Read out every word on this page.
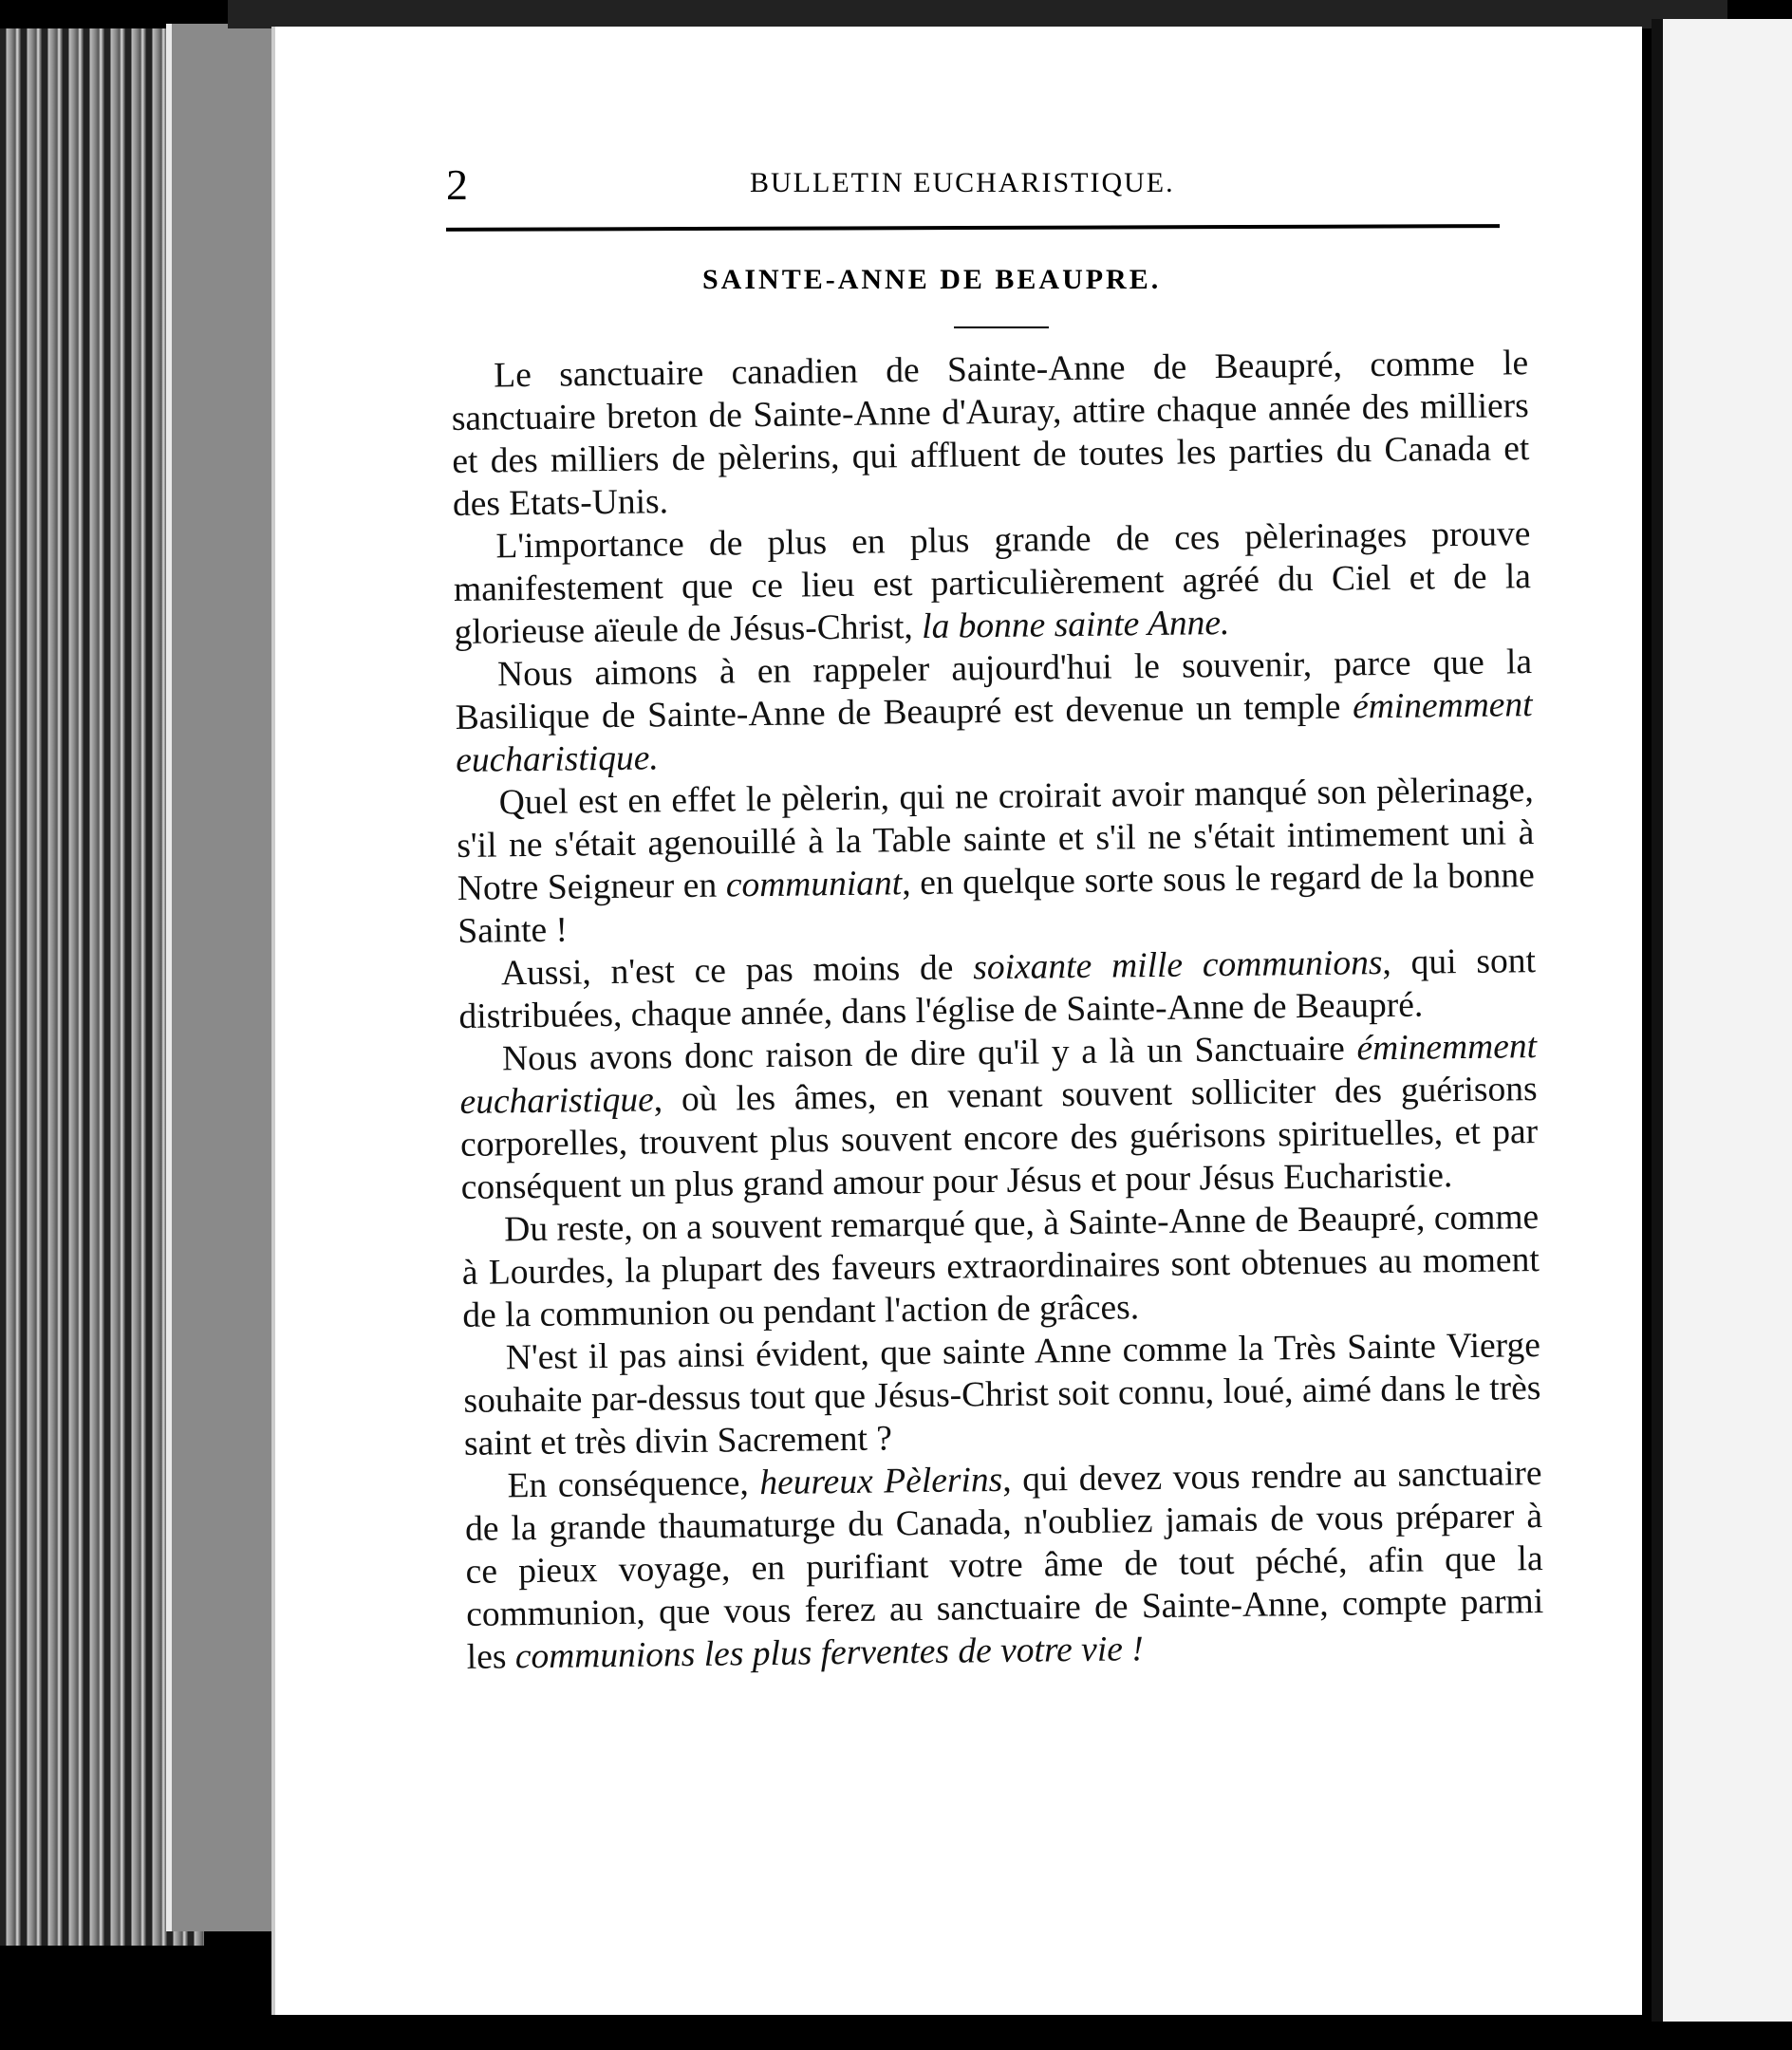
2	BULLETIN EUCHARISTIQUE.
SAINTE-ANNE DE BEAUPRE.

Le sanctuaire canadien de Sainte-Anne de Beaupré, comme le sanctuaire breton de Sainte-Anne d'Auray, attire chaque année des milliers et des milliers de pèlerins, qui affluent de toutes les parties du Canada et des Etats-Unis.

L'importance de plus en plus grande de ces pèlerinages prouve manifestement que ce lieu est particulièrement agréé du Ciel et de la glorieuse aïeule de Jésus-Christ, la bonne sainte Anne.

Nous aimons à en rappeler aujourd'hui le souvenir, parce que la Basilique de Sainte-Anne de Beaupré est devenue un temple éminemment eucharistique.

Quel est en effet le pèlerin, qui ne croirait avoir manqué son pèlerinage, s'il ne s'était agenouillé à la Table sainte et s'il ne s'était intimement uni à Notre Seigneur en communiant, en quelque sorte sous le regard de la bonne Sainte !

Aussi, n'est ce pas moins de soixante mille communions, qui sont distribuées, chaque année, dans l'église de Sainte-Anne de Beaupré.

Nous avons donc raison de dire qu'il y a là un Sanctuaire éminemment eucharistique, où les âmes, en venant souvent solliciter des guérisons corporelles, trouvent plus souvent encore des guérisons spirituelles, et par conséquent un plus grand amour pour Jésus et pour Jésus Eucharistie.

Du reste, on a souvent remarqué que, à Sainte-Anne de Beaupré, comme à Lourdes, la plupart des faveurs extraordinaires sont obtenues au moment de la communion ou pendant l'action de grâces.

N'est il pas ainsi évident, que sainte Anne comme la Très Sainte Vierge souhaite par-dessus tout que Jésus-Christ soit connu, loué, aimé dans le très saint et très divin Sacrement ?

En conséquence, heureux Pèlerins, qui devez vous rendre au sanctuaire de la grande thaumaturge du Canada, n'oubliez jamais de vous préparer à ce pieux voyage, en purifiant votre âme de tout péché, afin que la communion, que vous ferez au sanctuaire de Sainte-Anne, compte parmi les communions les plus ferventes de votre vie !
